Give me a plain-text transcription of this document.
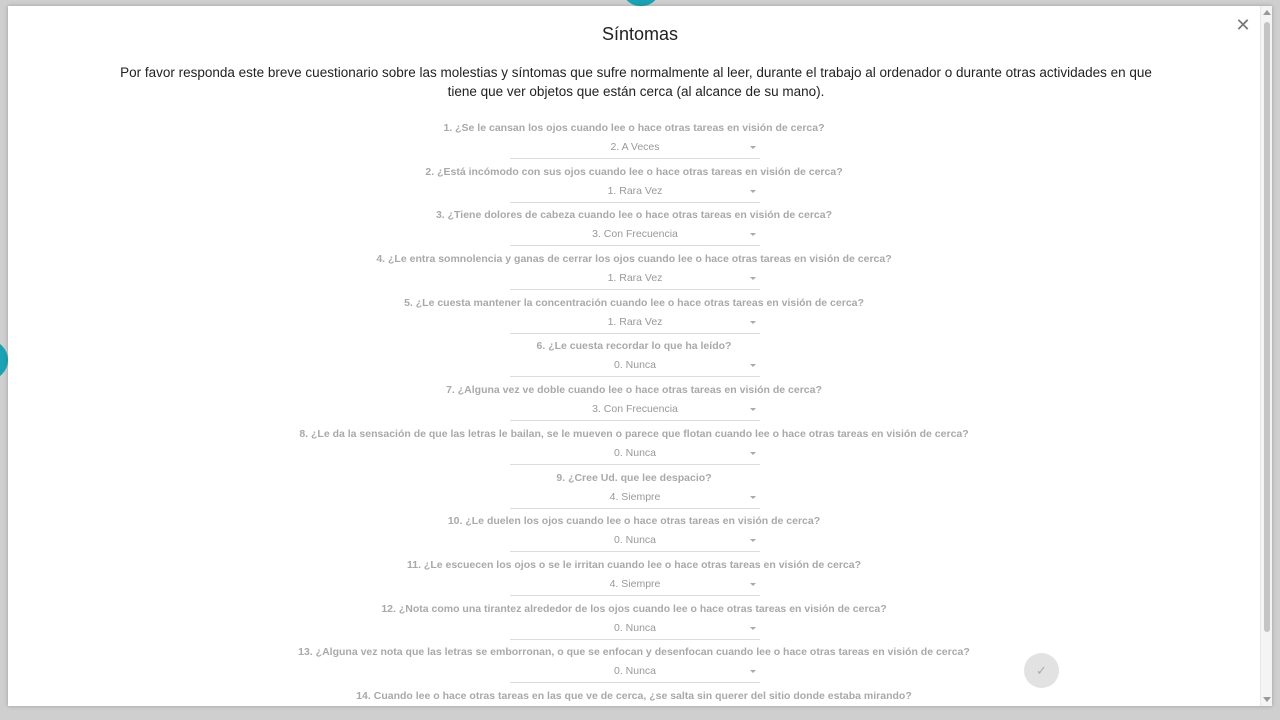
Síntomas	✕

Por favor responda este breve cuestionario sobre las molestias y síntomas que sufre normalmente al leer, durante el trabajo al ordenador o durante otras actividades en que tiene que ver objetos que están cerca (al alcance de su mano).

1. ¿Se le cansan los ojos cuando lee o hace otras tareas en visión de cerca?
2. A Veces
2. ¿Está incómodo con sus ojos cuando lee o hace otras tareas en visión de cerca?
1. Rara Vez
3. ¿Tiene dolores de cabeza cuando lee o hace otras tareas en visión de cerca?
3. Con Frecuencia
4. ¿Le entra somnolencia y ganas de cerrar los ojos cuando lee o hace otras tareas en visión de cerca?
1. Rara Vez
5. ¿Le cuesta mantener la concentración cuando lee o hace otras tareas en visión de cerca?
1. Rara Vez
6. ¿Le cuesta recordar lo que ha leído?
0. Nunca
7. ¿Alguna vez ve doble cuando lee o hace otras tareas en visión de cerca?
3. Con Frecuencia
8. ¿Le da la sensación de que las letras le bailan, se le mueven o parece que flotan cuando lee o hace otras tareas en visión de cerca?
0. Nunca
9. ¿Cree Ud. que lee despacio?
4. Siempre
10. ¿Le duelen los ojos cuando lee o hace otras tareas en visión de cerca?
0. Nunca
11. ¿Le escuecen los ojos o se le irritan cuando lee o hace otras tareas en visión de cerca?
4. Siempre
12. ¿Nota como una tirantez alrededor de los ojos cuando lee o hace otras tareas en visión de cerca?
0. Nunca
13. ¿Alguna vez nota que las letras se emborronan, o que se enfocan y desenfocan cuando lee o hace otras tareas en visión de cerca?
0. Nunca
14. Cuando lee o hace otras tareas en las que ve de cerca, ¿se salta sin querer del sitio donde estaba mirando?
✓
